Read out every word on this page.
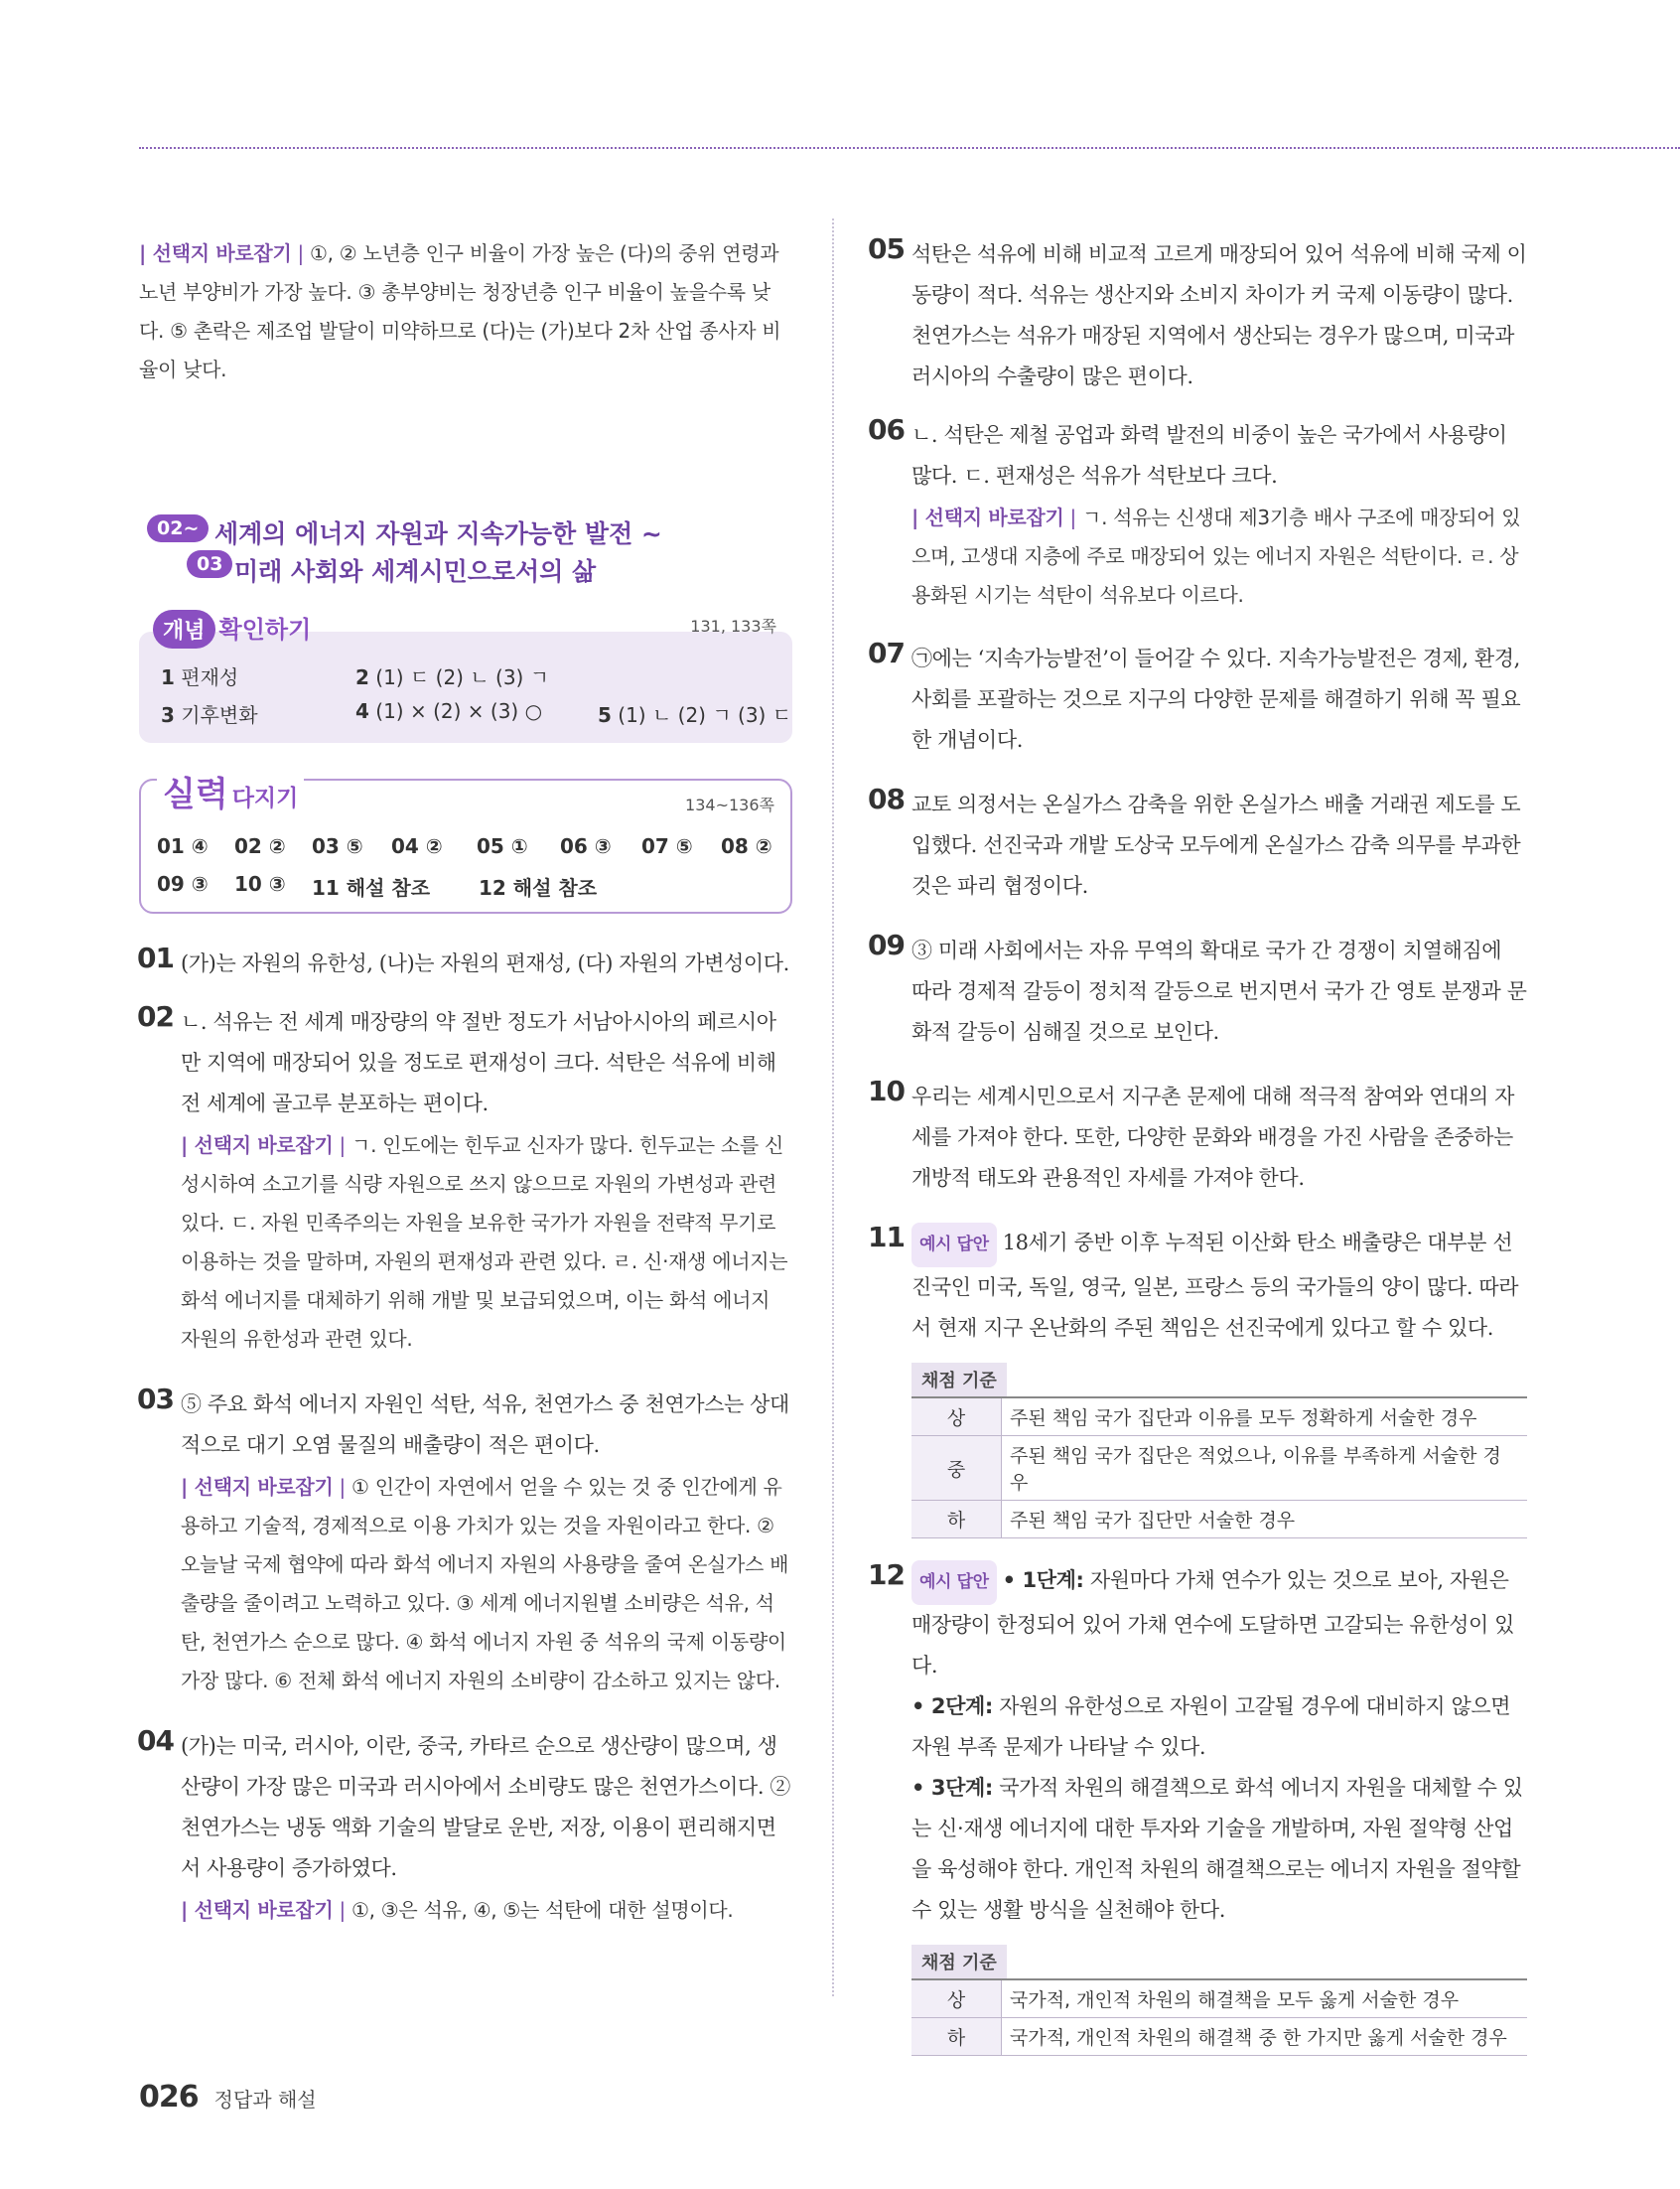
| 선택지 바로잡기 | ①, ② 노년층 인구 비율이 가장 높은 (다)의 중위 연령과 노년 부양비가 가장 높다. ③ 총부양비는 청장년층 인구 비율이 높을수록 낮다. ⑤ 촌락은 제조업 발달이 미약하므로 (다)는 (가)보다 2차 산업 종사자 비율이 낮다.
02~
03
세계의 에너지 자원과 지속가능한 발전 ~
미래 사회와 세계시민으로서의 삶
개념 확인하기	131, 133쪽
1 편재성	2 (1) ㄷ (2) ㄴ (3) ㄱ
3 기후변화	4 (1) × (2) × (3) ○	5 (1) ㄴ (2) ㄱ (3) ㄷ
실력 다지기	134~136쪽
01 ④ 02 ② 03 ⑤ 04 ② 05 ① 06 ③ 07 ⑤ 08 ②
09 ③ 10 ③ 11 해설 참조 12 해설 참조
01 (가)는 자원의 유한성, (나)는 자원의 편재성, (다) 자원의 가변성이다.
02 ㄴ. 석유는 전 세계 매장량의 약 절반 정도가 서남아시아의 페르시아만 지역에 매장되어 있을 정도로 편재성이 크다. 석탄은 석유에 비해 전 세계에 골고루 분포하는 편이다.
| 선택지 바로잡기 | ㄱ. 인도에는 힌두교 신자가 많다. 힌두교는 소를 신성시하여 소고기를 식량 자원으로 쓰지 않으므로 자원의 가변성과 관련 있다. ㄷ. 자원 민족주의는 자원을 보유한 국가가 자원을 전략적 무기로 이용하는 것을 말하며, 자원의 편재성과 관련 있다. ㄹ. 신·재생 에너지는 화석 에너지를 대체하기 위해 개발 및 보급되었으며, 이는 화석 에너지 자원의 유한성과 관련 있다.
03 ⑤ 주요 화석 에너지 자원인 석탄, 석유, 천연가스 중 천연가스는 상대적으로 대기 오염 물질의 배출량이 적은 편이다.
| 선택지 바로잡기 | ① 인간이 자연에서 얻을 수 있는 것 중 인간에게 유용하고 기술적, 경제적으로 이용 가치가 있는 것을 자원이라고 한다. ② 오늘날 국제 협약에 따라 화석 에너지 자원의 사용량을 줄여 온실가스 배출량을 줄이려고 노력하고 있다. ③ 세계 에너지원별 소비량은 석유, 석탄, 천연가스 순으로 많다. ④ 화석 에너지 자원 중 석유의 국제 이동량이 가장 많다. ⑥ 전체 화석 에너지 자원의 소비량이 감소하고 있지는 않다.
04 (가)는 미국, 러시아, 이란, 중국, 카타르 순으로 생산량이 많으며, 생산량이 가장 많은 미국과 러시아에서 소비량도 많은 천연가스이다. ② 천연가스는 냉동 액화 기술의 발달로 운반, 저장, 이용이 편리해지면서 사용량이 증가하였다.
| 선택지 바로잡기 | ①, ③은 석유, ④, ⑤는 석탄에 대한 설명이다.
05 석탄은 석유에 비해 비교적 고르게 매장되어 있어 석유에 비해 국제 이동량이 적다. 석유는 생산지와 소비지 차이가 커 국제 이동량이 많다. 천연가스는 석유가 매장된 지역에서 생산되는 경우가 많으며, 미국과 러시아의 수출량이 많은 편이다.
06 ㄴ. 석탄은 제철 공업과 화력 발전의 비중이 높은 국가에서 사용량이 많다. ㄷ. 편재성은 석유가 석탄보다 크다.
| 선택지 바로잡기 | ㄱ. 석유는 신생대 제3기층 배사 구조에 매장되어 있으며, 고생대 지층에 주로 매장되어 있는 에너지 자원은 석탄이다. ㄹ. 상용화된 시기는 석탄이 석유보다 이르다.
07 ㉠에는 ‘지속가능발전’이 들어갈 수 있다. 지속가능발전은 경제, 환경, 사회를 포괄하는 것으로 지구의 다양한 문제를 해결하기 위해 꼭 필요한 개념이다.
08 교토 의정서는 온실가스 감축을 위한 온실가스 배출 거래권 제도를 도입했다. 선진국과 개발 도상국 모두에게 온실가스 감축 의무를 부과한 것은 파리 협정이다.
09 ③ 미래 사회에서는 자유 무역의 확대로 국가 간 경쟁이 치열해짐에 따라 경제적 갈등이 정치적 갈등으로 번지면서 국가 간 영토 분쟁과 문화적 갈등이 심해질 것으로 보인다.
10 우리는 세계시민으로서 지구촌 문제에 대해 적극적 참여와 연대의 자세를 가져야 한다. 또한, 다양한 문화와 배경을 가진 사람을 존중하는 개방적 태도와 관용적인 자세를 가져야 한다.
11 예시 답안 18세기 중반 이후 누적된 이산화 탄소 배출량은 대부분 선진국인 미국, 독일, 영국, 일본, 프랑스 등의 국가들의 양이 많다. 따라서 현재 지구 온난화의 주된 책임은 선진국에게 있다고 할 수 있다.
채점 기준
상	주된 책임 국가 집단과 이유를 모두 정확하게 서술한 경우
중	주된 책임 국가 집단은 적었으나, 이유를 부족하게 서술한 경우
하	주된 책임 국가 집단만 서술한 경우
12 예시 답안 • 1단계: 자원마다 가채 연수가 있는 것으로 보아, 자원은 매장량이 한정되어 있어 가채 연수에 도달하면 고갈되는 유한성이 있다.
• 2단계: 자원의 유한성으로 자원이 고갈될 경우에 대비하지 않으면 자원 부족 문제가 나타날 수 있다.
• 3단계: 국가적 차원의 해결책으로 화석 에너지 자원을 대체할 수 있는 신·재생 에너지에 대한 투자와 기술을 개발하며, 자원 절약형 산업을 육성해야 한다. 개인적 차원의 해결책으로는 에너지 자원을 절약할 수 있는 생활 방식을 실천해야 한다.
채점 기준
상	국가적, 개인적 차원의 해결책을 모두 옳게 서술한 경우
하	국가적, 개인적 차원의 해결책 중 한 가지만 옳게 서술한 경우
026 정답과 해설
